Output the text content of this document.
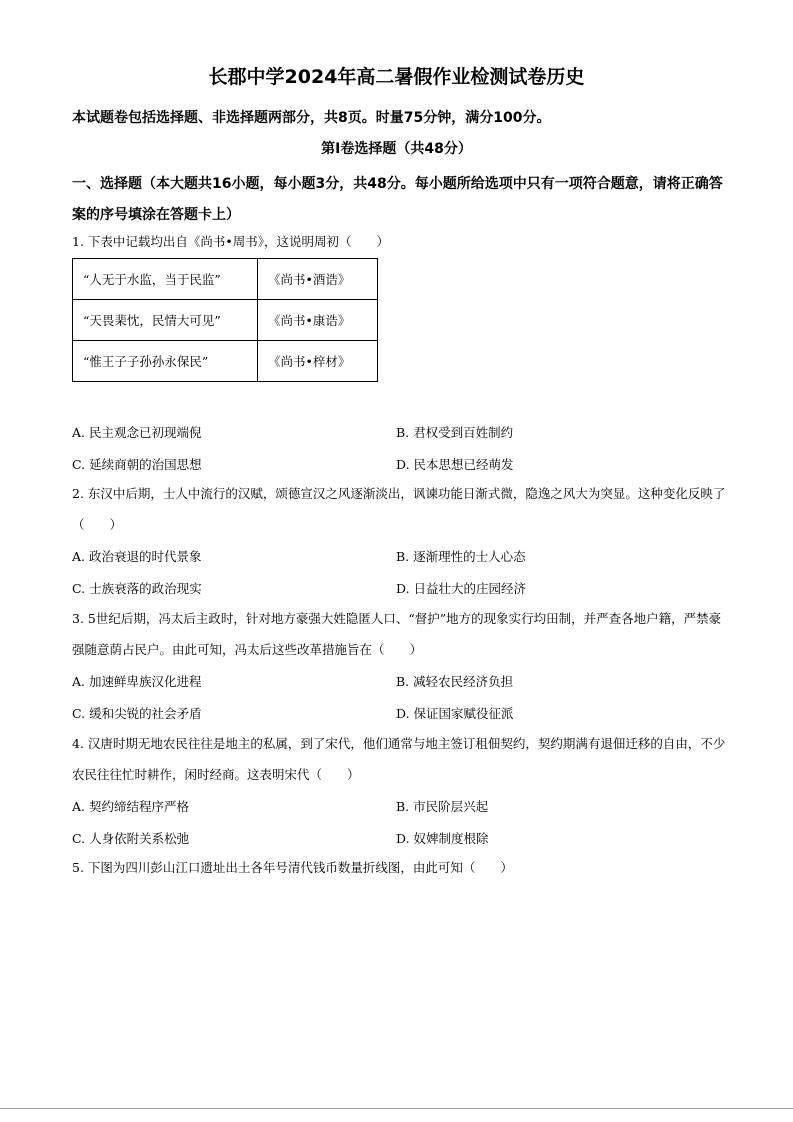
长郡中学2024年高二暑假作业检测试卷历史
本试题卷包括选择题、非选择题两部分，共8页。时量75分钟，满分100分。
第Ⅰ卷选择题（共48分）
一、选择题（本大题共16小题，每小题3分，共48分。每小题所给选项中只有一项符合题意，请将正确答案的序号填涂在答题卡上）
1. 下表中记载均出自《尚书•周书》，这说明周初（　　）
“人无于水监，当于民监”	《尚书•酒诰》
“天畏棐忱，民情大可见”	《尚书•康诰》
“惟王子子孙孙永保民”	《尚书•梓材》
A. 民主观念已初现端倪	B. 君权受到百姓制约
C. 延续商朝的治国思想	D. 民本思想已经萌发
2. 东汉中后期，士人中流行的汉赋，颂德宣汉之风逐渐淡出，讽谏功能日渐式微，隐逸之风大为突显。这种变化反映了（　　）
A. 政治衰退的时代景象	B. 逐渐理性的士人心态
C. 士族衰落的政治现实	D. 日益壮大的庄园经济
3. 5世纪后期，冯太后主政时，针对地方豪强大姓隐匿人口、“督护”地方的现象实行均田制，并严查各地户籍，严禁豪强随意荫占民户。由此可知，冯太后这些改革措施旨在（　　）
A. 加速鲜卑族汉化进程	B. 减轻农民经济负担
C. 缓和尖锐的社会矛盾	D. 保证国家赋役征派
4. 汉唐时期无地农民往往是地主的私属，到了宋代，他们通常与地主签订租佃契约，契约期满有退佃迁移的自由，不少农民往往忙时耕作，闲时经商。这表明宋代（　　）
A. 契约缔结程序严格	B. 市民阶层兴起
C. 人身依附关系松弛	D. 奴婢制度根除
5. 下图为四川彭山江口遗址出土各年号清代钱币数量折线图，由此可知（　　）
